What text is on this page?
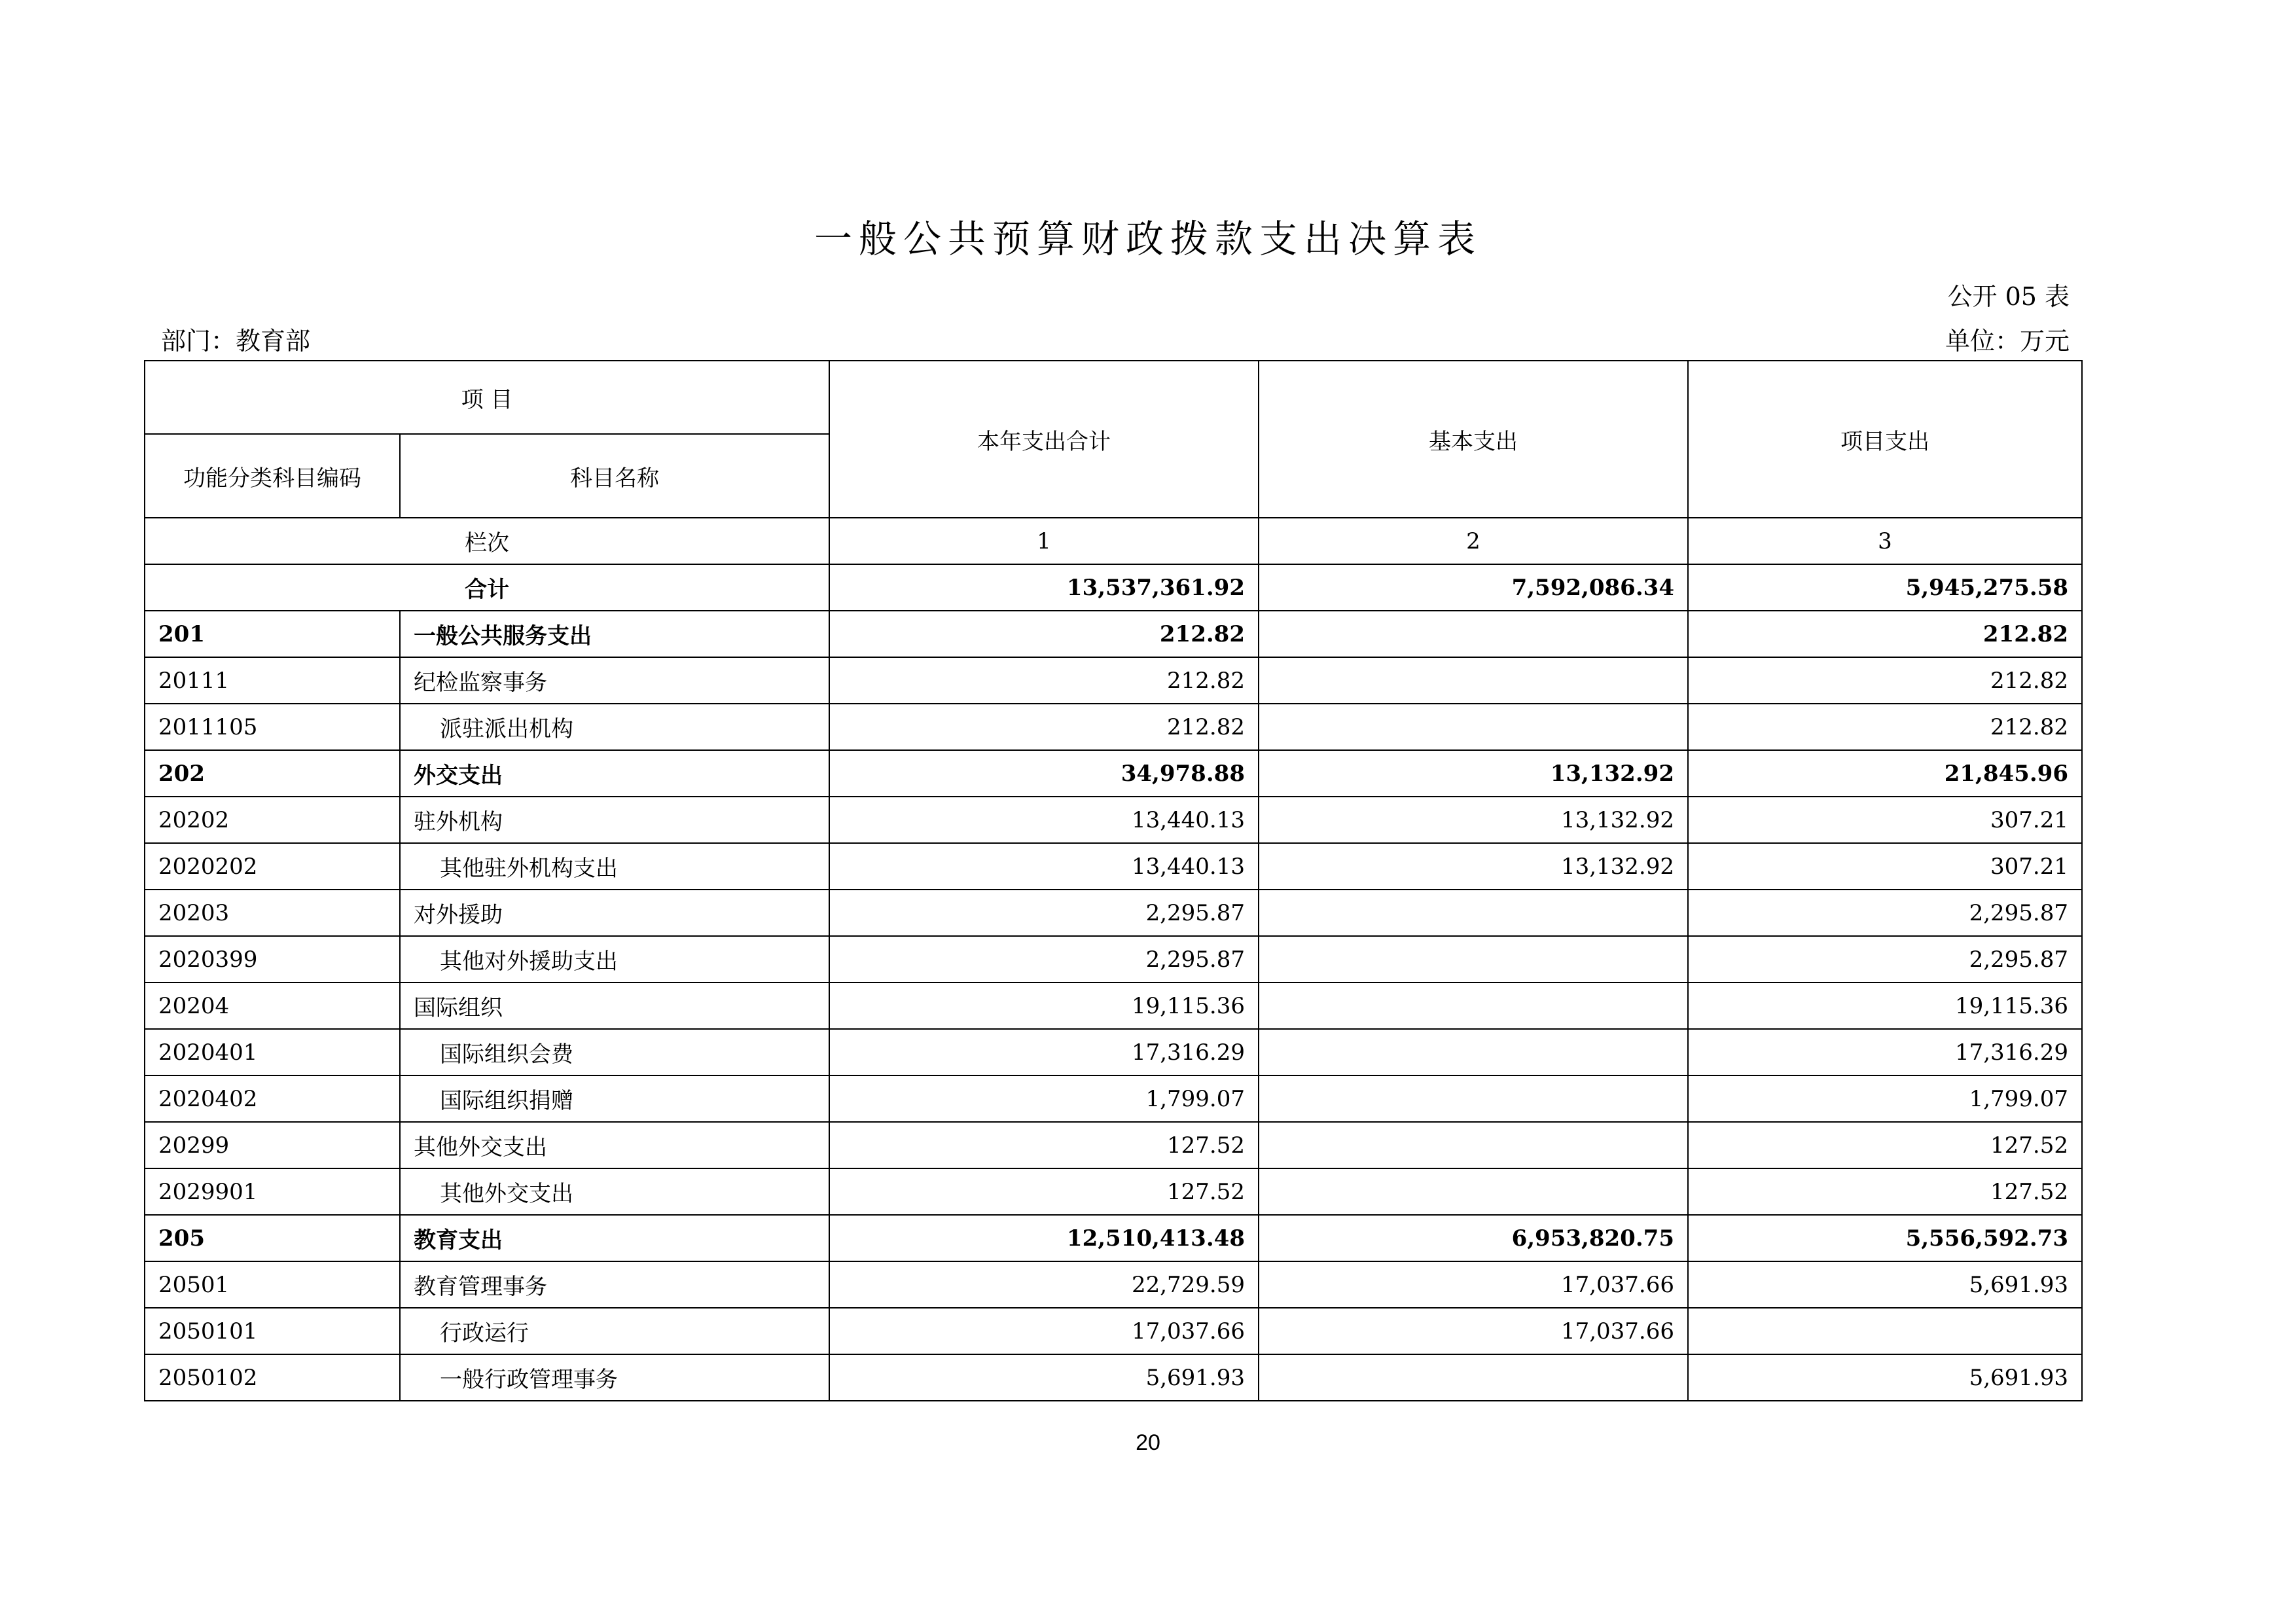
一般公共预算财政拨款支出决算表
公开 05 表
部门：教育部	单位：万元
项 目		本年支出合计	基本支出	项目支出
功能分类科目编码	科目名称			
栏次		1	2	3
合计		13,537,361.92	7,592,086.34	5,945,275.58
201	一般公共服务支出	212.82		212.82
20111	纪检监察事务	212.82		212.82
2011105	派驻派出机构	212.82		212.82
202	外交支出	34,978.88	13,132.92	21,845.96
20202	驻外机构	13,440.13	13,132.92	307.21
2020202	其他驻外机构支出	13,440.13	13,132.92	307.21
20203	对外援助	2,295.87		2,295.87
2020399	其他对外援助支出	2,295.87		2,295.87
20204	国际组织	19,115.36		19,115.36
2020401	国际组织会费	17,316.29		17,316.29
2020402	国际组织捐赠	1,799.07		1,799.07
20299	其他外交支出	127.52		127.52
2029901	其他外交支出	127.52		127.52
205	教育支出	12,510,413.48	6,953,820.75	5,556,592.73
20501	教育管理事务	22,729.59	17,037.66	5,691.93
2050101	行政运行	17,037.66	17,037.66	
2050102	一般行政管理事务	5,691.93		5,691.93
20
